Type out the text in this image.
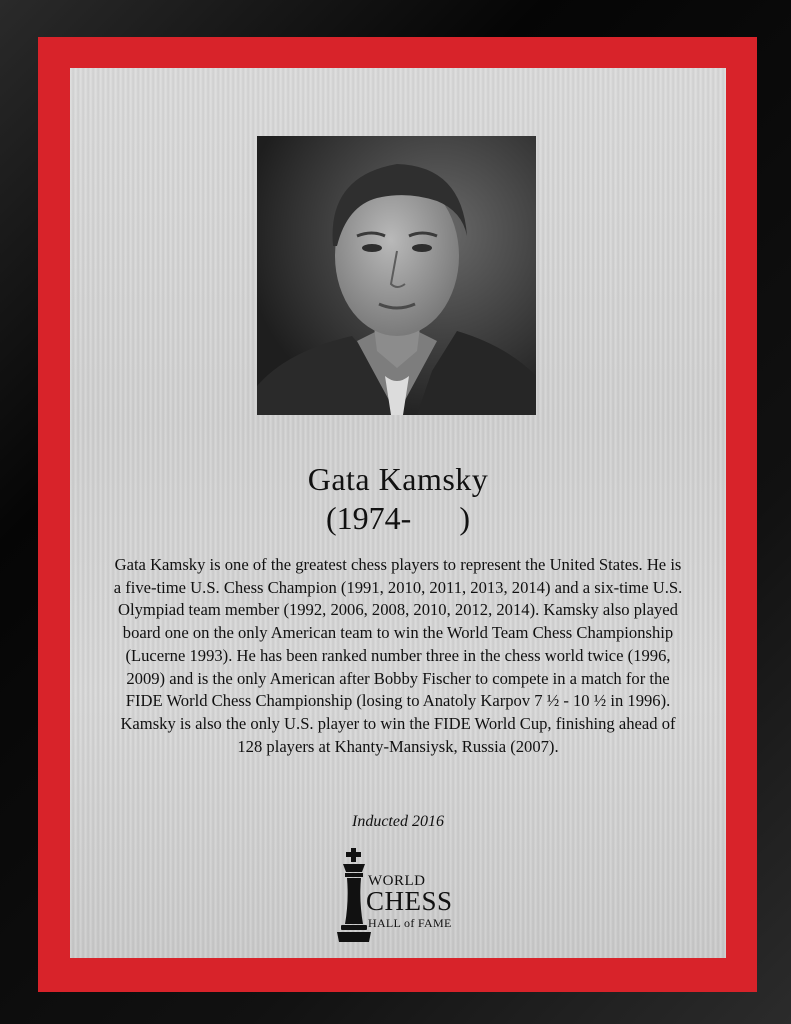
Gata Kamsky
(1974-      )
Gata Kamsky is one of the greatest chess players to represent the United States. He is a five-time U.S. Chess Champion (1991, 2010, 2011, 2013, 2014) and a six-time U.S. Olympiad team member (1992, 2006, 2008, 2010, 2012, 2014). Kamsky also played board one on the only American team to win the World Team Chess Championship (Lucerne 1993). He has been ranked number three in the chess world twice (1996, 2009) and is the only American after Bobby Fischer to compete in a match for the FIDE World Chess Championship (losing to Anatoly Karpov 7 ½ - 10 ½ in 1996). Kamsky is also the only U.S. player to win the FIDE World Cup, finishing ahead of 128 players at Khanty-Mansiysk, Russia (2007).
Inducted 2016
WORLD
CHESS
HALL of FAME
